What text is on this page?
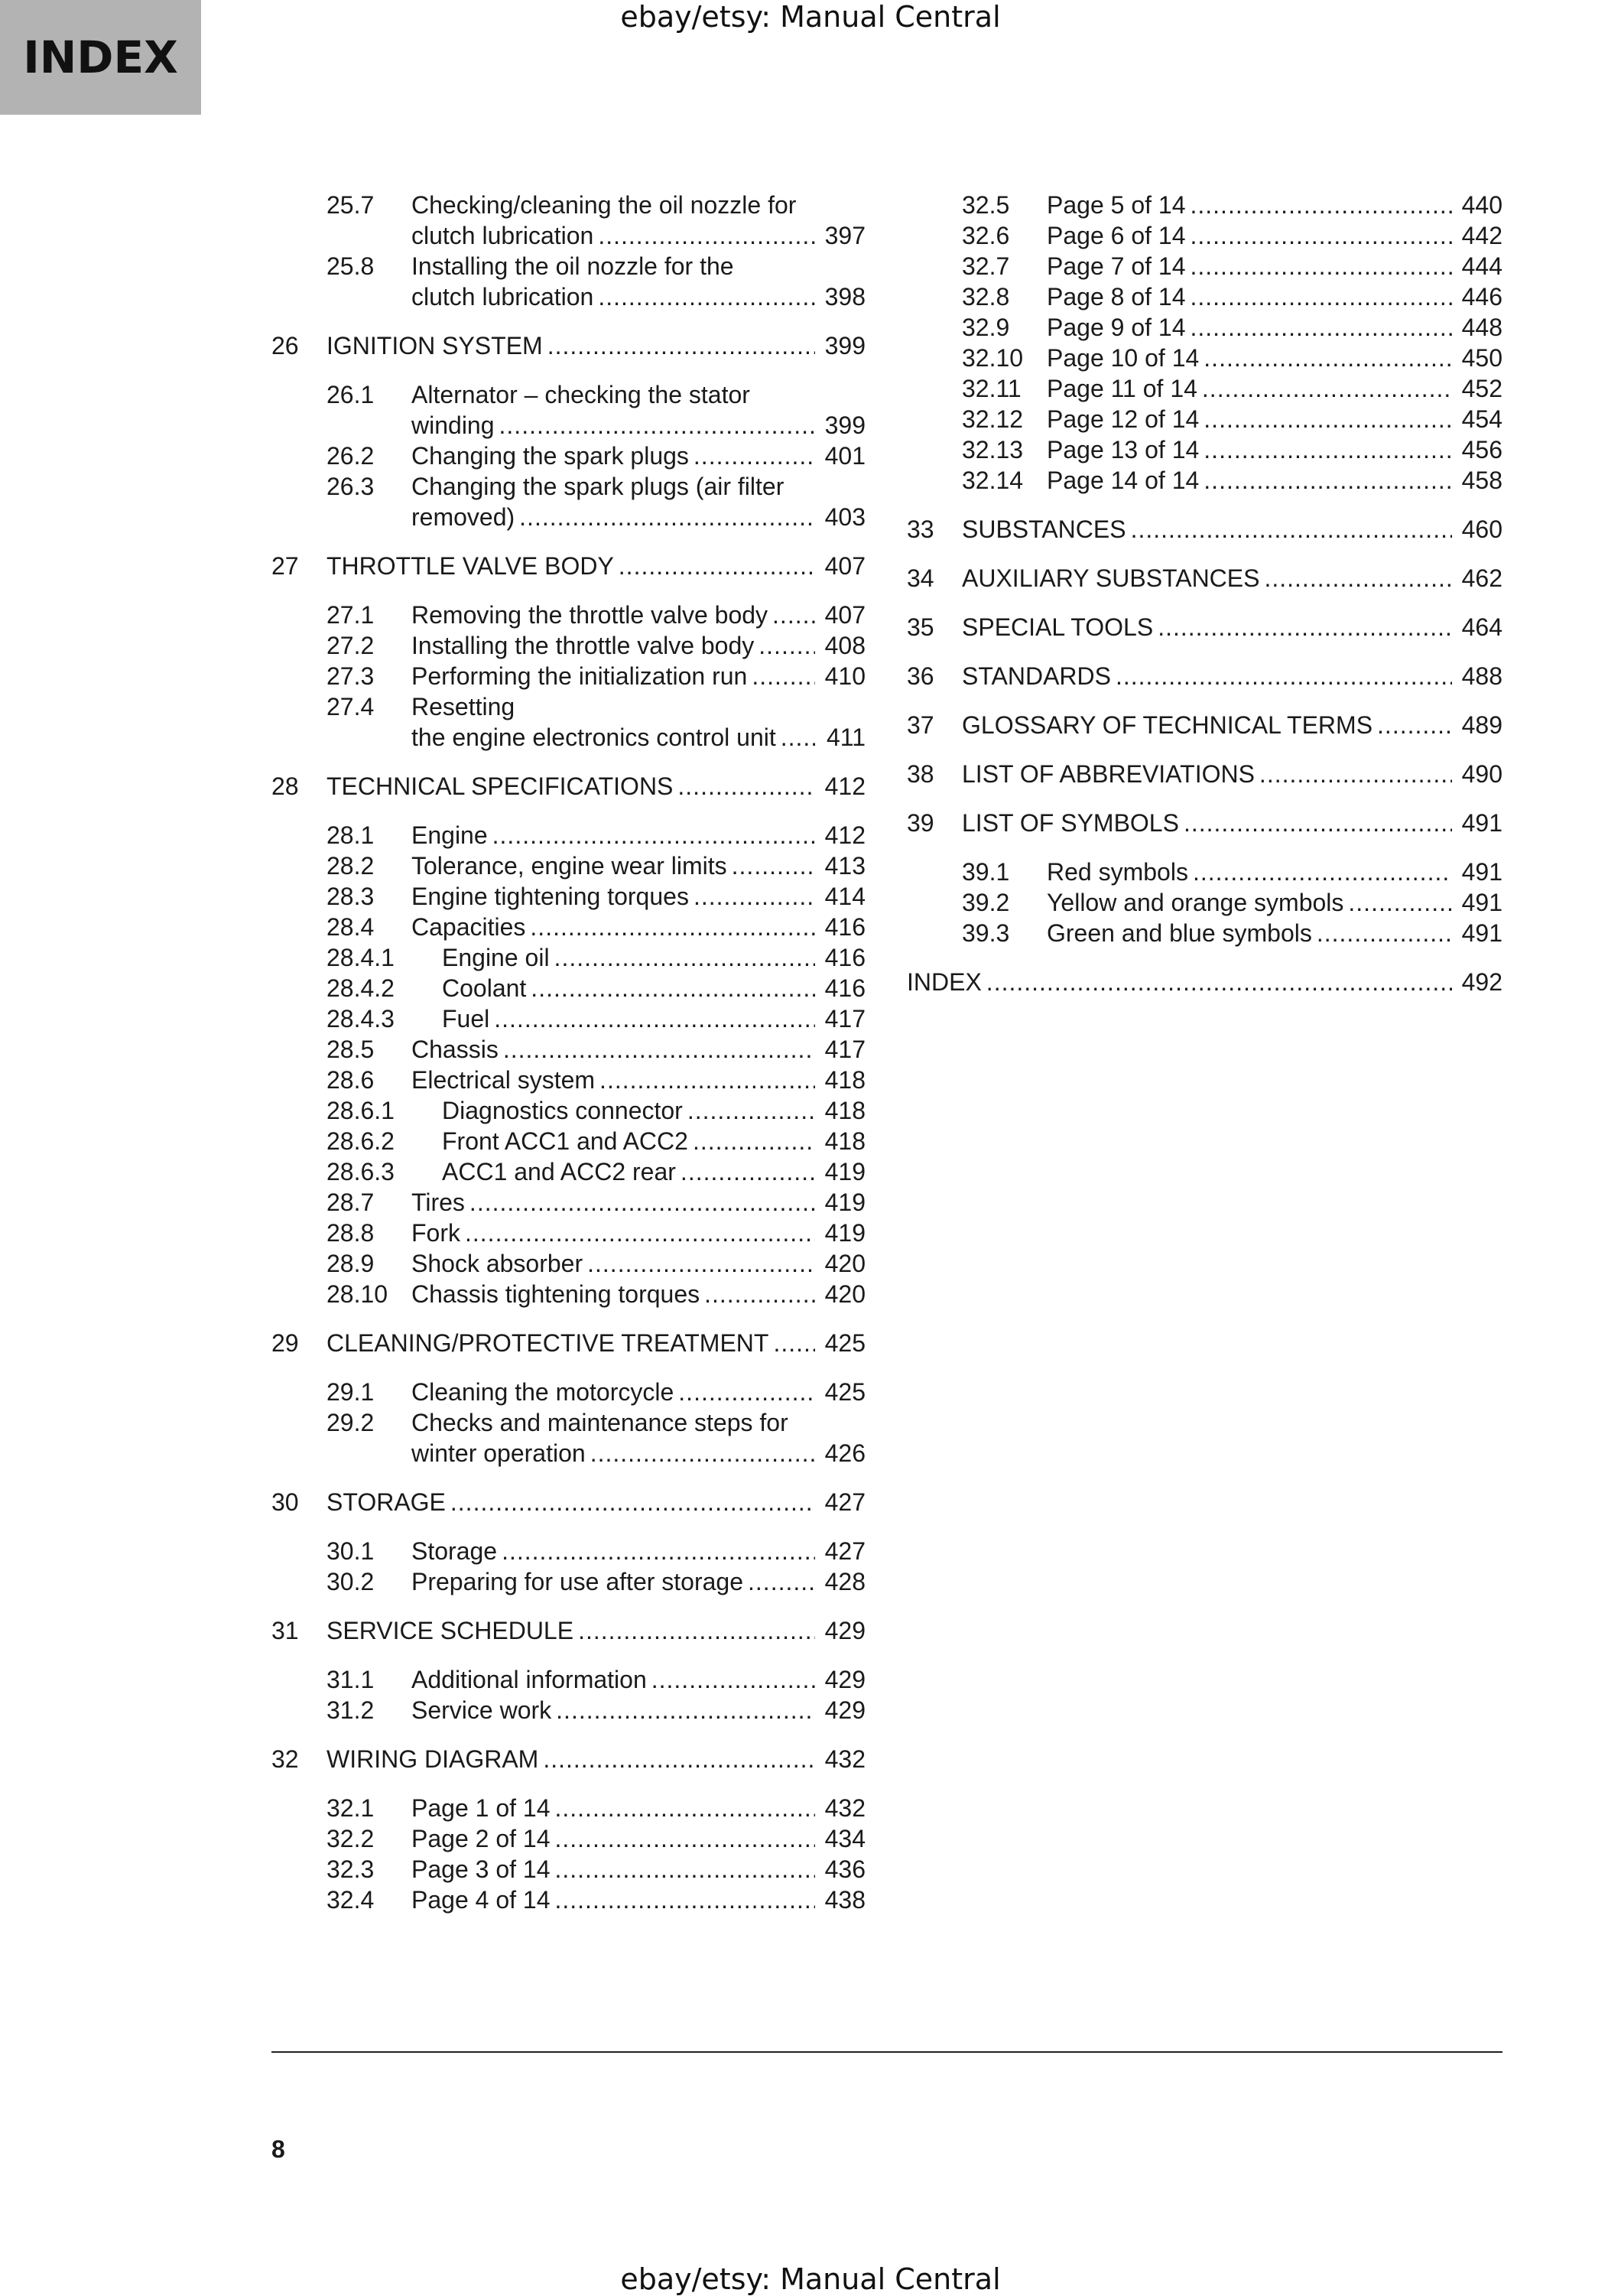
INDEX
ebay/etsy: Manual Central
25.7	Checking/cleaning the oil nozzle for
clutch lubrication .....	397
25.8	Installing the oil nozzle for the
clutch lubrication .....	398
26	IGNITION SYSTEM .....	399
26.1	Alternator – checking the stator
winding .....	399
26.2	Changing the spark plugs .....	401
26.3	Changing the spark plugs (air filter
removed) .....	403
27	THROTTLE VALVE BODY .....	407
27.1	Removing the throttle valve body ..... 407
27.2	Installing the throttle valve body .....	408
27.3	Performing the initialization run .....	410
27.4	Resetting
the engine electronics control unit ..... 411
28	TECHNICAL SPECIFICATIONS .....	412
28.1	Engine .....	412
28.2	Tolerance, engine wear limits .....	413
28.3	Engine tightening torques .....	414
28.4	Capacities .....	416
28.4.1	Engine oil .....	416
28.4.2	Coolant .....	416
28.4.3	Fuel .....	417
28.5	Chassis .....	417
28.6	Electrical system .....	418
28.6.1	Diagnostics connector .....	418
28.6.2	Front ACC1 and ACC2 .....	418
28.6.3	ACC1 and ACC2 rear .....	419
28.7	Tires .....	419
28.8	Fork .....	419
28.9	Shock absorber .....	420
28.10 Chassis tightening torques .....	420
29	CLEANING/PROTECTIVE TREATMENT ..... 425
29.1	Cleaning the motorcycle .....	425
29.2	Checks and maintenance steps for
winter operation .....	426
30	STORAGE .....	427
30.1	Storage .....	427
30.2	Preparing for use after storage .....	428
31	SERVICE SCHEDULE .....	429
31.1	Additional information .....	429
31.2	Service work .....	429
32	WIRING DIAGRAM .....	432
32.1	Page 1 of 14 .....	432
32.2	Page 2 of 14 .....	434
32.3	Page 3 of 14 .....	436
32.4	Page 4 of 14 .....	438
32.5	Page 5 of 14 .....	440
32.6	Page 6 of 14 .....	442
32.7	Page 7 of 14 .....	444
32.8	Page 8 of 14 .....	446
32.9	Page 9 of 14 .....	448
32.10 Page 10 of 14 .....	450
32.11	Page 11 of 14 .....	452
32.12 Page 12 of 14 .....	454
32.13 Page 13 of 14 .....	456
32.14 Page 14 of 14 .....	458
33	SUBSTANCES .....	460
34	AUXILIARY SUBSTANCES .....	462
35	SPECIAL TOOLS .....	464
36	STANDARDS .....	488
37	GLOSSARY OF TECHNICAL TERMS .....	489
38	LIST OF ABBREVIATIONS .....	490
39	LIST OF SYMBOLS .....	491
39.1	Red symbols .....	491
39.2	Yellow and orange symbols .....	491
39.3	Green and blue symbols .....	491
INDEX .....	492
8
ebay/etsy: Manual Central
